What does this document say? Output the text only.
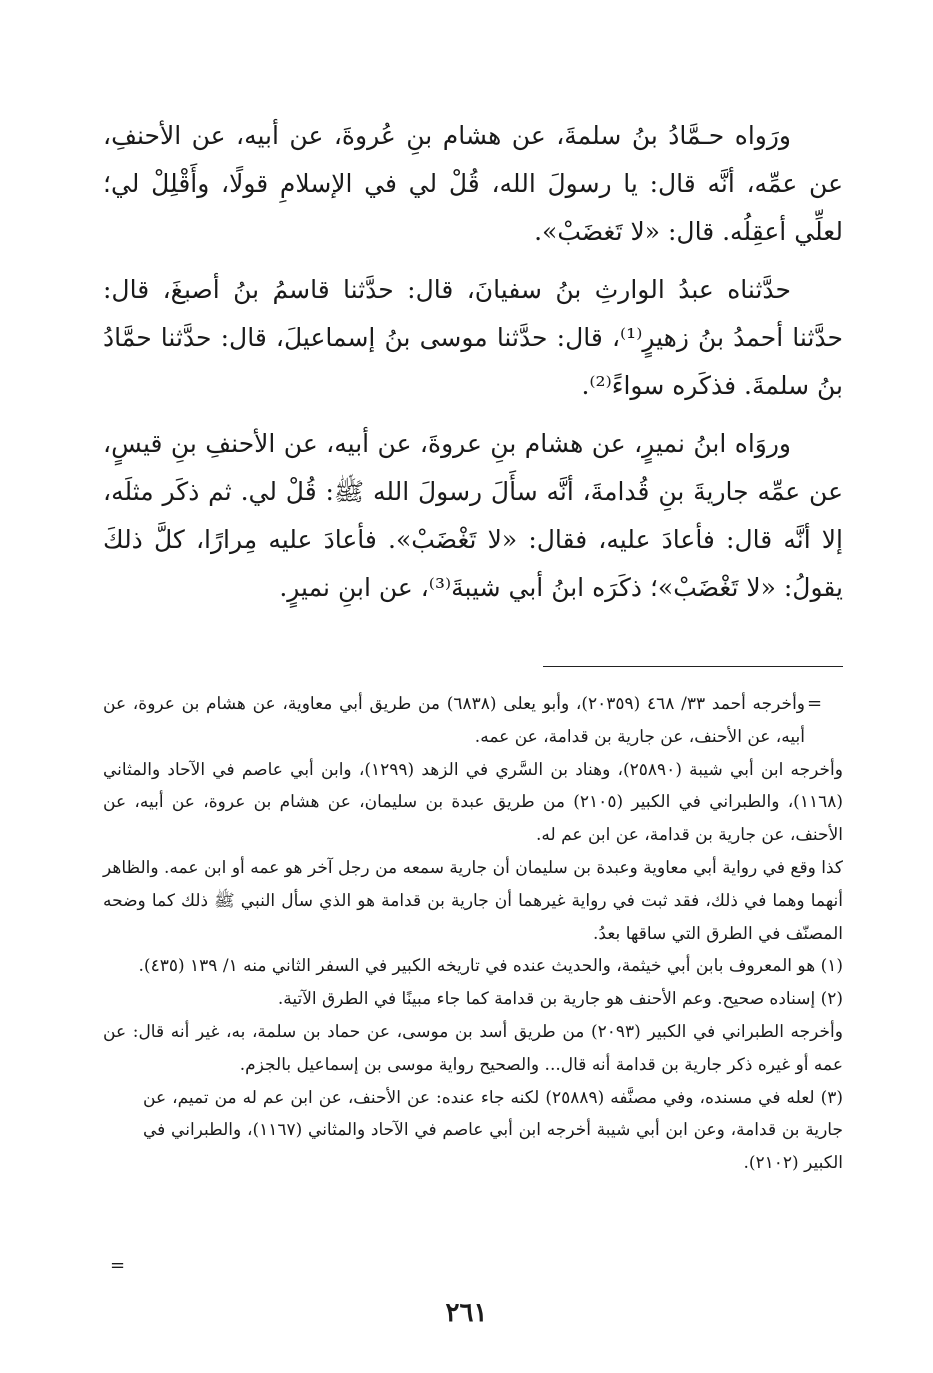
ورَواه حـمَّادُ بنُ سلمةَ، عن هشام بنِ عُروةَ، عن أبيه، عن الأحنفِ، عن عمِّه، أنَّه قال: يا رسولَ الله، قُلْ لي في الإسلامِ قولًا، وأَقْلِلْ لي؛ لعلِّي أعقِلُه. قال: «لا تَغضَبْ».

حدَّثناه عبدُ الوارثِ بنُ سفيانَ، قال: حدَّثنا قاسمُ بنُ أصبغَ، قال: حدَّثنا أحمدُ بنُ زهيرٍ⁽¹⁾، قال: حدَّثنا موسى بنُ إسماعيلَ، قال: حدَّثنا حمَّادُ بنُ سلمةَ. فذكَره سواءً⁽²⁾.

وروَاه ابنُ نميرٍ، عن هشام بنِ عروةَ، عن أبيه، عن الأحنفِ بنِ قيسٍ، عن عمِّه جاريةَ بنِ قُدامةَ، أنَّه سأَلَ رسولَ الله ﷺ: قُلْ لي. ثم ذكَر مثلَه، إلا أنَّه قال: فأعادَ عليه، فقال: «لا تَغْضَبْ». فأعادَ عليه مِرارًا، كلَّ ذلكَ يقولُ: «لا تَغْضَبْ»؛ ذكَرَه ابنُ أبي شيبةَ⁽³⁾، عن ابنِ نميرٍ.

=

وأخرجه أحمد ٣٣/ ٤٦٨ (٢٠٣٥٩)، وأبو يعلى (٦٨٣٨) من طريق أبي معاوية، عن هشام بن عروة، عن أبيه، عن الأحنف، عن جارية بن قدامة، عن عمه.

وأخرجه ابن أبي شيبة (٢٥٨٩٠)، وهناد بن السَّري في الزهد (١٢٩٩)، وابن أبي عاصم في الآحاد والمثاني (١١٦٨)، والطبراني في الكبير (٢١٠٥) من طريق عبدة بن سليمان، عن هشام بن عروة، عن أبيه، عن الأحنف، عن جارية بن قدامة، عن ابن عم له.

كذا وقع في رواية أبي معاوية وعبدة بن سليمان أن جارية سمعه من رجل آخر هو عمه أو ابن عمه. والظاهر أنهما وهما في ذلك، فقد ثبت في رواية غيرهما أن جارية بن قدامة هو الذي سأل النبي ﷺ ذلك كما وضحه المصنّف في الطرق التي ساقها بعدُ.

(١) هو المعروف بابن أبي خيثمة، والحديث عنده في تاريخه الكبير في السفر الثاني منه ١/ ١٣٩ (٤٣٥).

(٢) إسناده صحيح. وعم الأحنف هو جارية بن قدامة كما جاء مبينًا في الطرق الآتية.

وأخرجه الطبراني في الكبير (٢٠٩٣) من طريق أسد بن موسى، عن حماد بن سلمة، به، غير أنه قال: عن عمه أو غيره ذكر جارية بن قدامة أنه قال... والصحيح رواية موسى بن إسماعيل بالجزم.

(٣) لعله في مسنده، وفي مصنَّفه (٢٥٨٨٩) لكنه جاء عنده: عن الأحنف، عن ابن عم له من تميم، عن جارية بن قدامة، وعن ابن أبي شيبة أخرجه ابن أبي عاصم في الآحاد والمثاني (١١٦٧)، والطبراني في الكبير (٢١٠٢).

=
٢٦١
